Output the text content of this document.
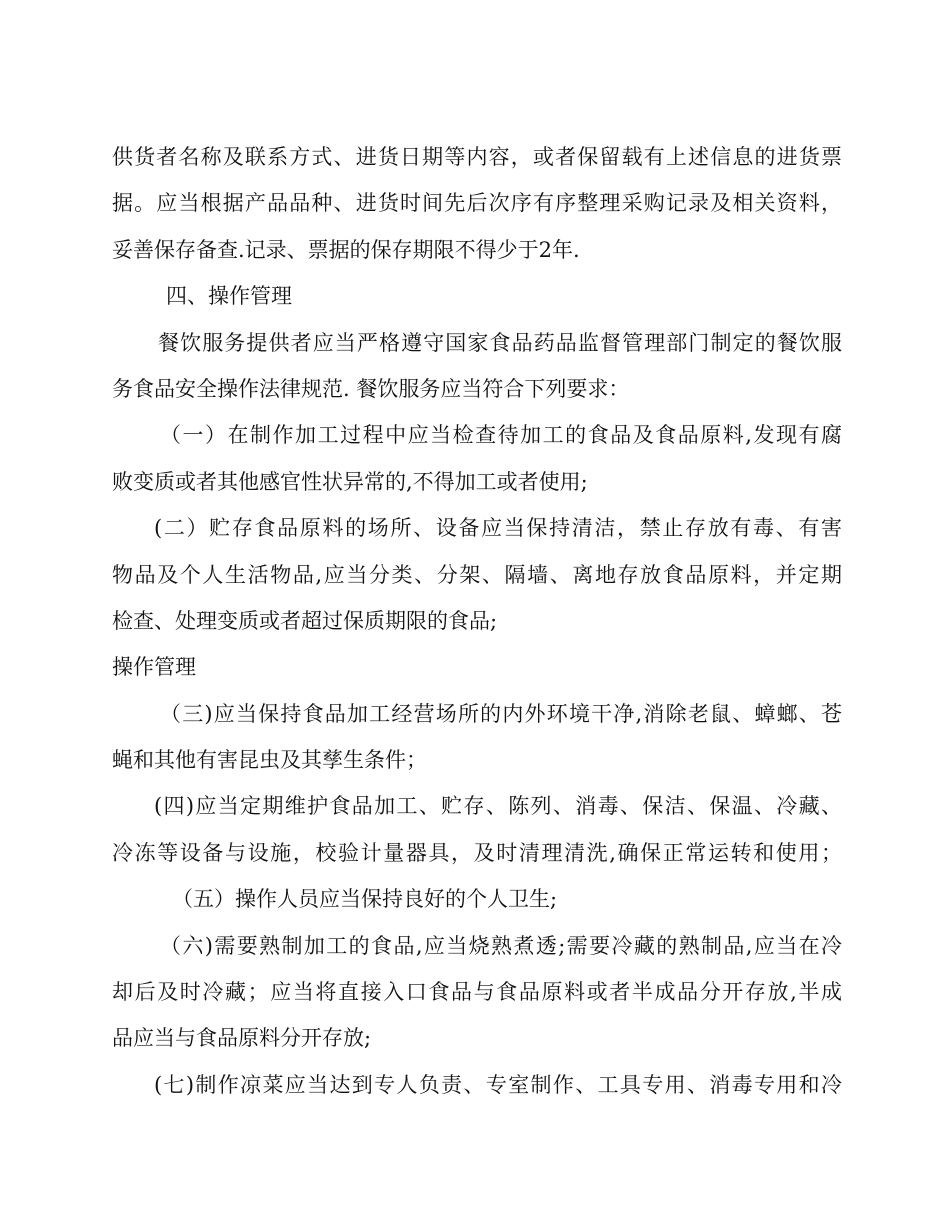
供货者名称及联系方式、进货日期等内容，或者保留载有上述信息的进货票
据。应当根据产品品种、进货时间先后次序有序整理采购记录及相关资料，
妥善保存备查.记录、票据的保存期限不得少于2年.
四、操作管理
餐饮服务提供者应当严格遵守国家食品药品监督管理部门制定的餐饮服
务食品安全操作法律规范. 餐饮服务应当符合下列要求：
（一）在制作加工过程中应当检查待加工的食品及食品原料,发现有腐
败变质或者其他感官性状异常的,不得加工或者使用;
(二）贮存食品原料的场所、设备应当保持清洁，禁止存放有毒、有害
物品及个人生活物品,应当分类、分架、隔墙、离地存放食品原料，并定期
检查、处理变质或者超过保质期限的食品;
操作管理
（三)应当保持食品加工经营场所的内外环境干净,消除老鼠、蟑螂、苍
蝇和其他有害昆虫及其孳生条件；
(四)应当定期维护食品加工、贮存、陈列、消毒、保洁、保温、冷藏、
冷冻等设备与设施，校验计量器具，及时清理清洗,确保正常运转和使用；
（五）操作人员应当保持良好的个人卫生;
（六)需要熟制加工的食品,应当烧熟煮透;需要冷藏的熟制品,应当在冷
却后及时冷藏；应当将直接入口食品与食品原料或者半成品分开存放,半成
品应当与食品原料分开存放;
(七)制作凉菜应当达到专人负责、专室制作、工具专用、消毒专用和冷
